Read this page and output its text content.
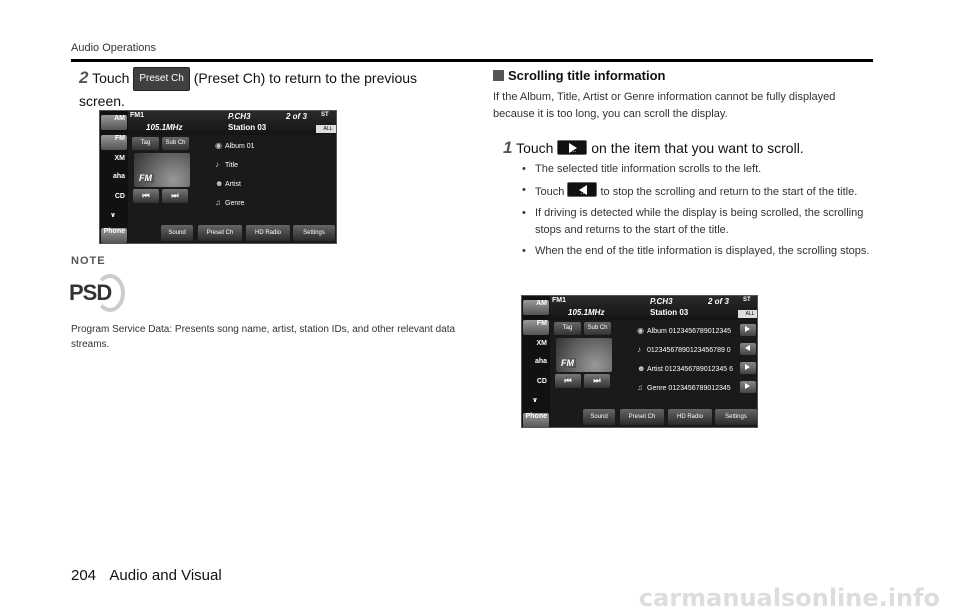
Audio Operations
2 Touch Preset Ch (Preset Ch) to return to the previous screen.
AM
FM
XM
aha
CD
∨
Phone
FM1
105.1MHz
P.CH3
Station 03
2 of 3 ST
ALL
Tag	Sub Ch
FM
⏮	⏭
◉ Album 01
♪ Title
☻ Artist
♫ Genre
Sound	Preset Ch	HD Radio	Settings
NOTE
PSD
Program Service Data: Presents song name, artist, station IDs, and other relevant data streams.
Scrolling title information
If the Album, Title, Artist or Genre information cannot be fully displayed because it is too long, you can scroll the display.
1 Touch ... on the item that you want to scroll.
• The selected title information scrolls to the left.
• Touch ... to stop the scrolling and return to the start of the title.
• If driving is detected while the display is being scrolled, the scrolling stops and returns to the start of the title.
• When the end of the title information is displayed, the scrolling stops.
AM
FM
XM
aha
CD
∨
Phone
FM1
105.1MHz
P.CH3
Station 03
2 of 3 ST
ALL
Tag	Sub Ch
FM
⏮	⏭
◉ Album 0123456789012345
♪ 01234567890123456789 0
☻ Artist 0123456789012345 6
♫ Genre 0123456789012345
Sound	Preset Ch	HD Radio	Settings
204 Audio and Visual
carmanualsonline.info
